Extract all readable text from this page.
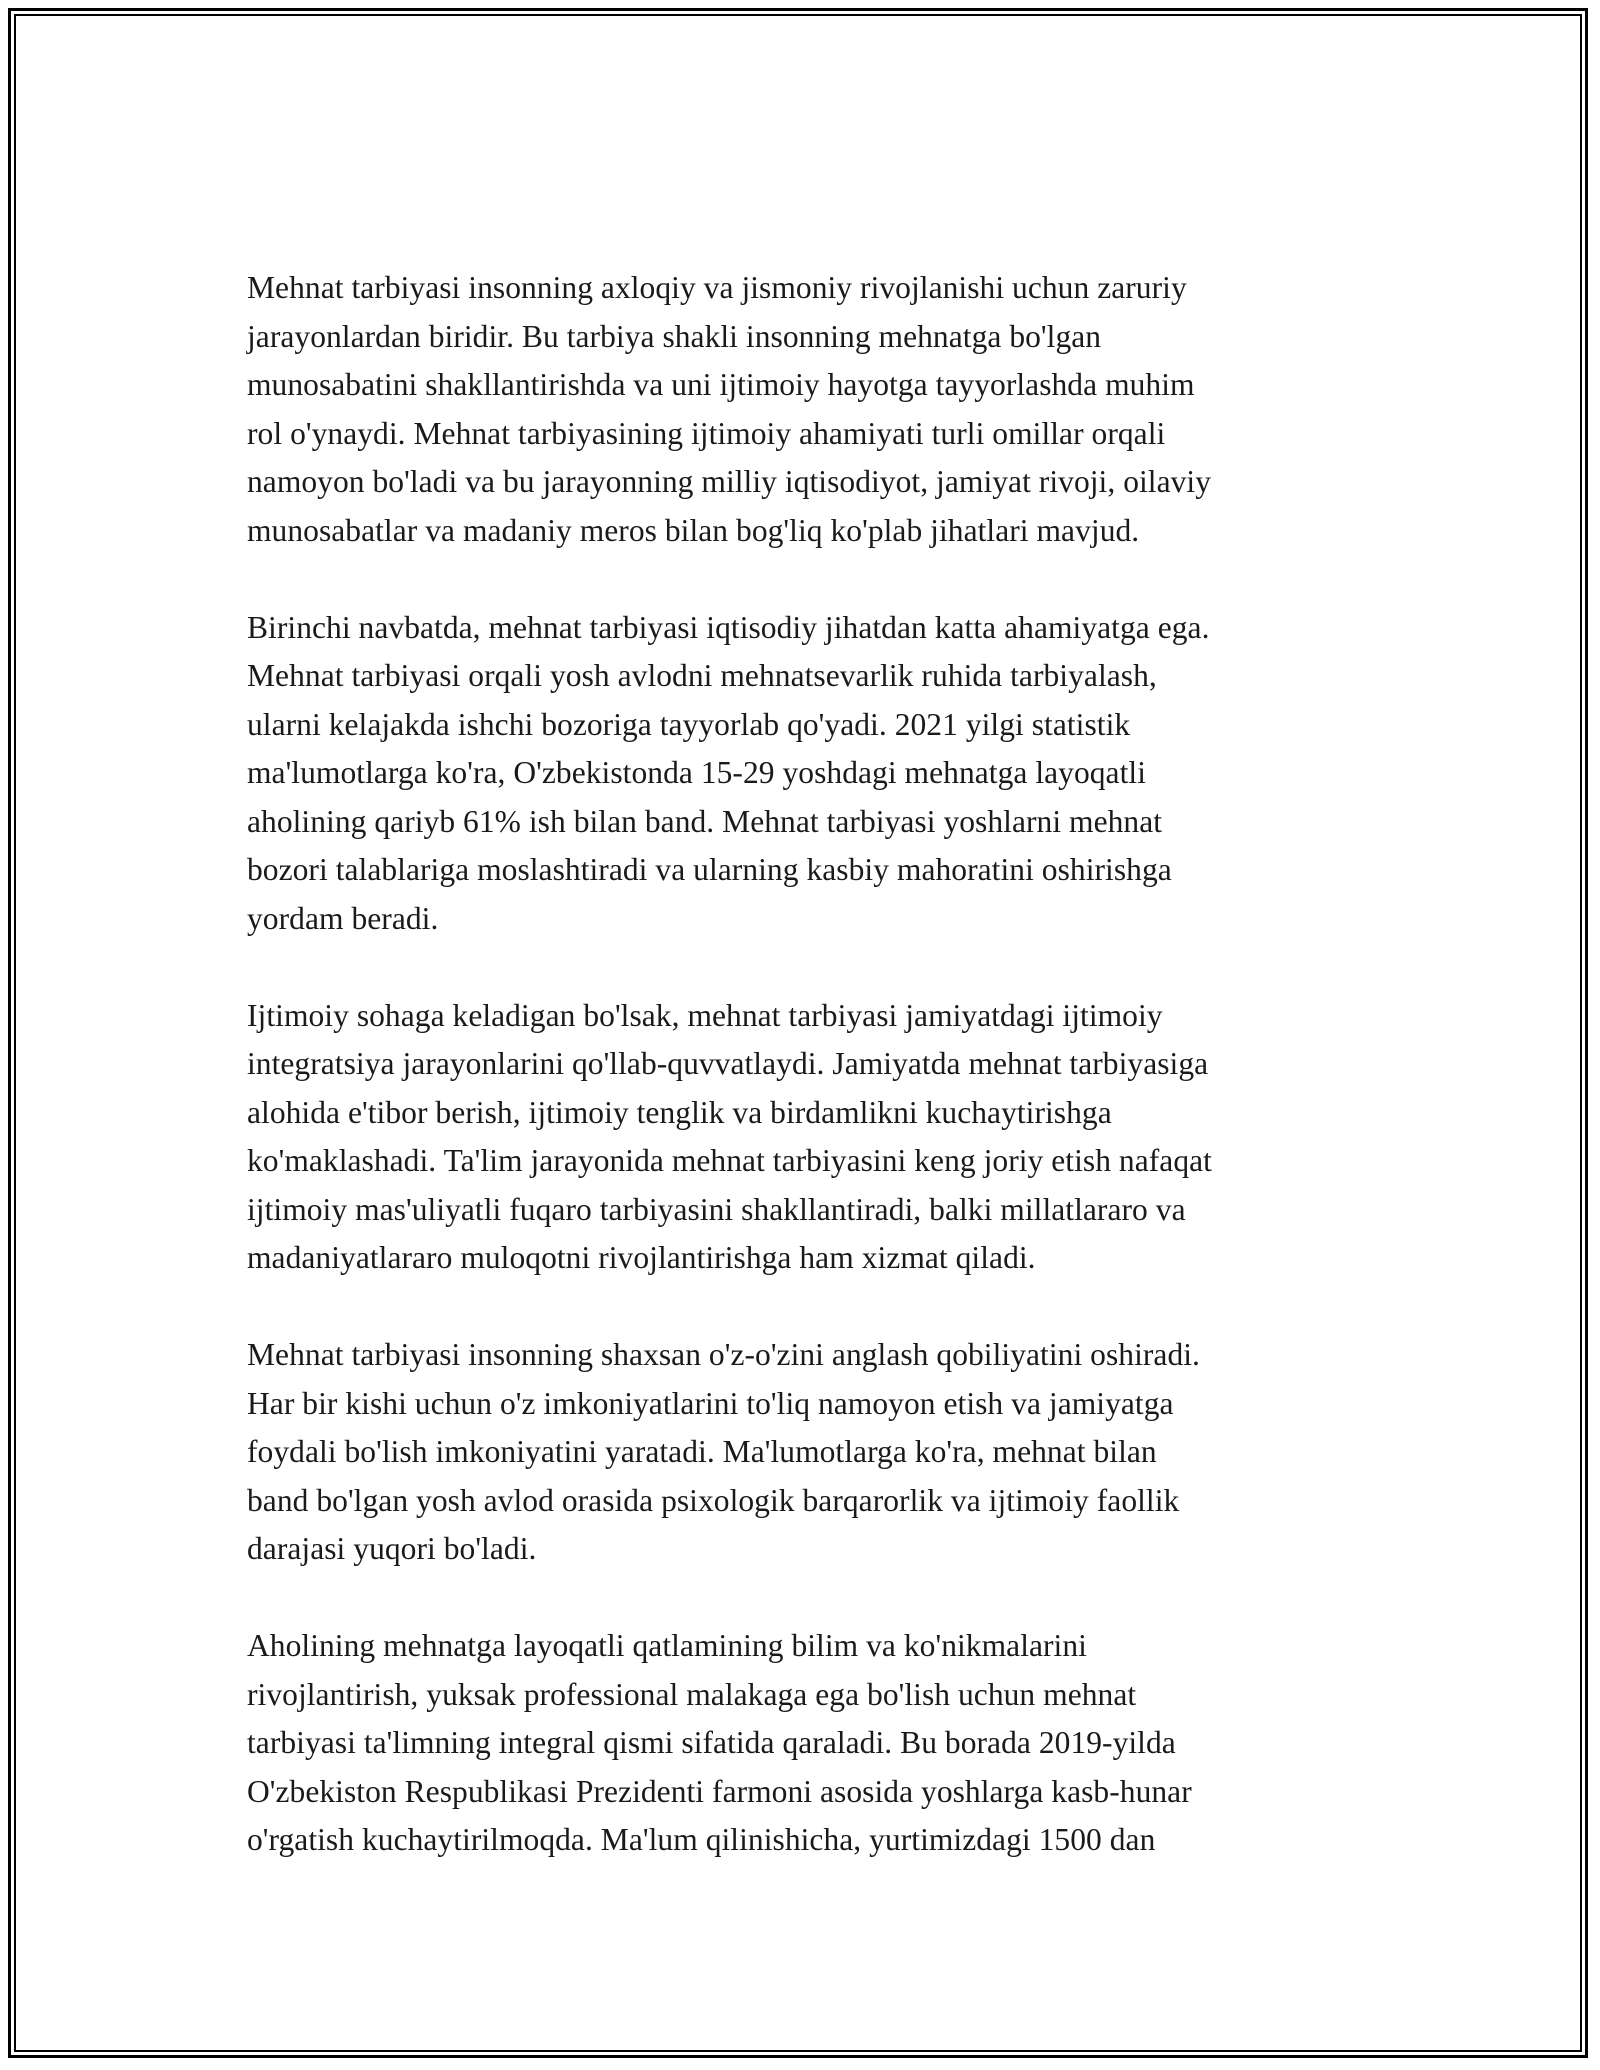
Mehnat tarbiyasi insonning axloqiy va jismoniy rivojlanishi uchun zaruriy
jarayonlardan biridir. Bu tarbiya shakli insonning mehnatga bo'lgan
munosabatini shakllantirishda va uni ijtimoiy hayotga tayyorlashda muhim
rol o'ynaydi. Mehnat tarbiyasining ijtimoiy ahamiyati turli omillar orqali
namoyon bo'ladi va bu jarayonning milliy iqtisodiyot, jamiyat rivoji, oilaviy
munosabatlar va madaniy meros bilan bog'liq ko'plab jihatlari mavjud.

Birinchi navbatda, mehnat tarbiyasi iqtisodiy jihatdan katta ahamiyatga ega.
Mehnat tarbiyasi orqali yosh avlodni mehnatsevarlik ruhida tarbiyalash,
ularni kelajakda ishchi bozoriga tayyorlab qo'yadi. 2021 yilgi statistik
ma'lumotlarga ko'ra, O'zbekistonda 15-29 yoshdagi mehnatga layoqatli
aholining qariyb 61% ish bilan band. Mehnat tarbiyasi yoshlarni mehnat
bozori talablariga moslashtiradi va ularning kasbiy mahoratini oshirishga
yordam beradi.

Ijtimoiy sohaga keladigan bo'lsak, mehnat tarbiyasi jamiyatdagi ijtimoiy
integratsiya jarayonlarini qo'llab-quvvatlaydi. Jamiyatda mehnat tarbiyasiga
alohida e'tibor berish, ijtimoiy tenglik va birdamlikni kuchaytirishga
ko'maklashadi. Ta'lim jarayonida mehnat tarbiyasini keng joriy etish nafaqat
ijtimoiy mas'uliyatli fuqaro tarbiyasini shakllantiradi, balki millatlararo va
madaniyatlararo muloqotni rivojlantirishga ham xizmat qiladi.

Mehnat tarbiyasi insonning shaxsan o'z-o'zini anglash qobiliyatini oshiradi.
Har bir kishi uchun o'z imkoniyatlarini to'liq namoyon etish va jamiyatga
foydali bo'lish imkoniyatini yaratadi. Ma'lumotlarga ko'ra, mehnat bilan
band bo'lgan yosh avlod orasida psixologik barqarorlik va ijtimoiy faollik
darajasi yuqori bo'ladi.

Aholining mehnatga layoqatli qatlamining bilim va ko'nikmalarini
rivojlantirish, yuksak professional malakaga ega bo'lish uchun mehnat
tarbiyasi ta'limning integral qismi sifatida qaraladi. Bu borada 2019-yilda
O'zbekiston Respublikasi Prezidenti farmoni asosida yoshlarga kasb-hunar
o'rgatish kuchaytirilmoqda. Ma'lum qilinishicha, yurtimizdagi 1500 dan
